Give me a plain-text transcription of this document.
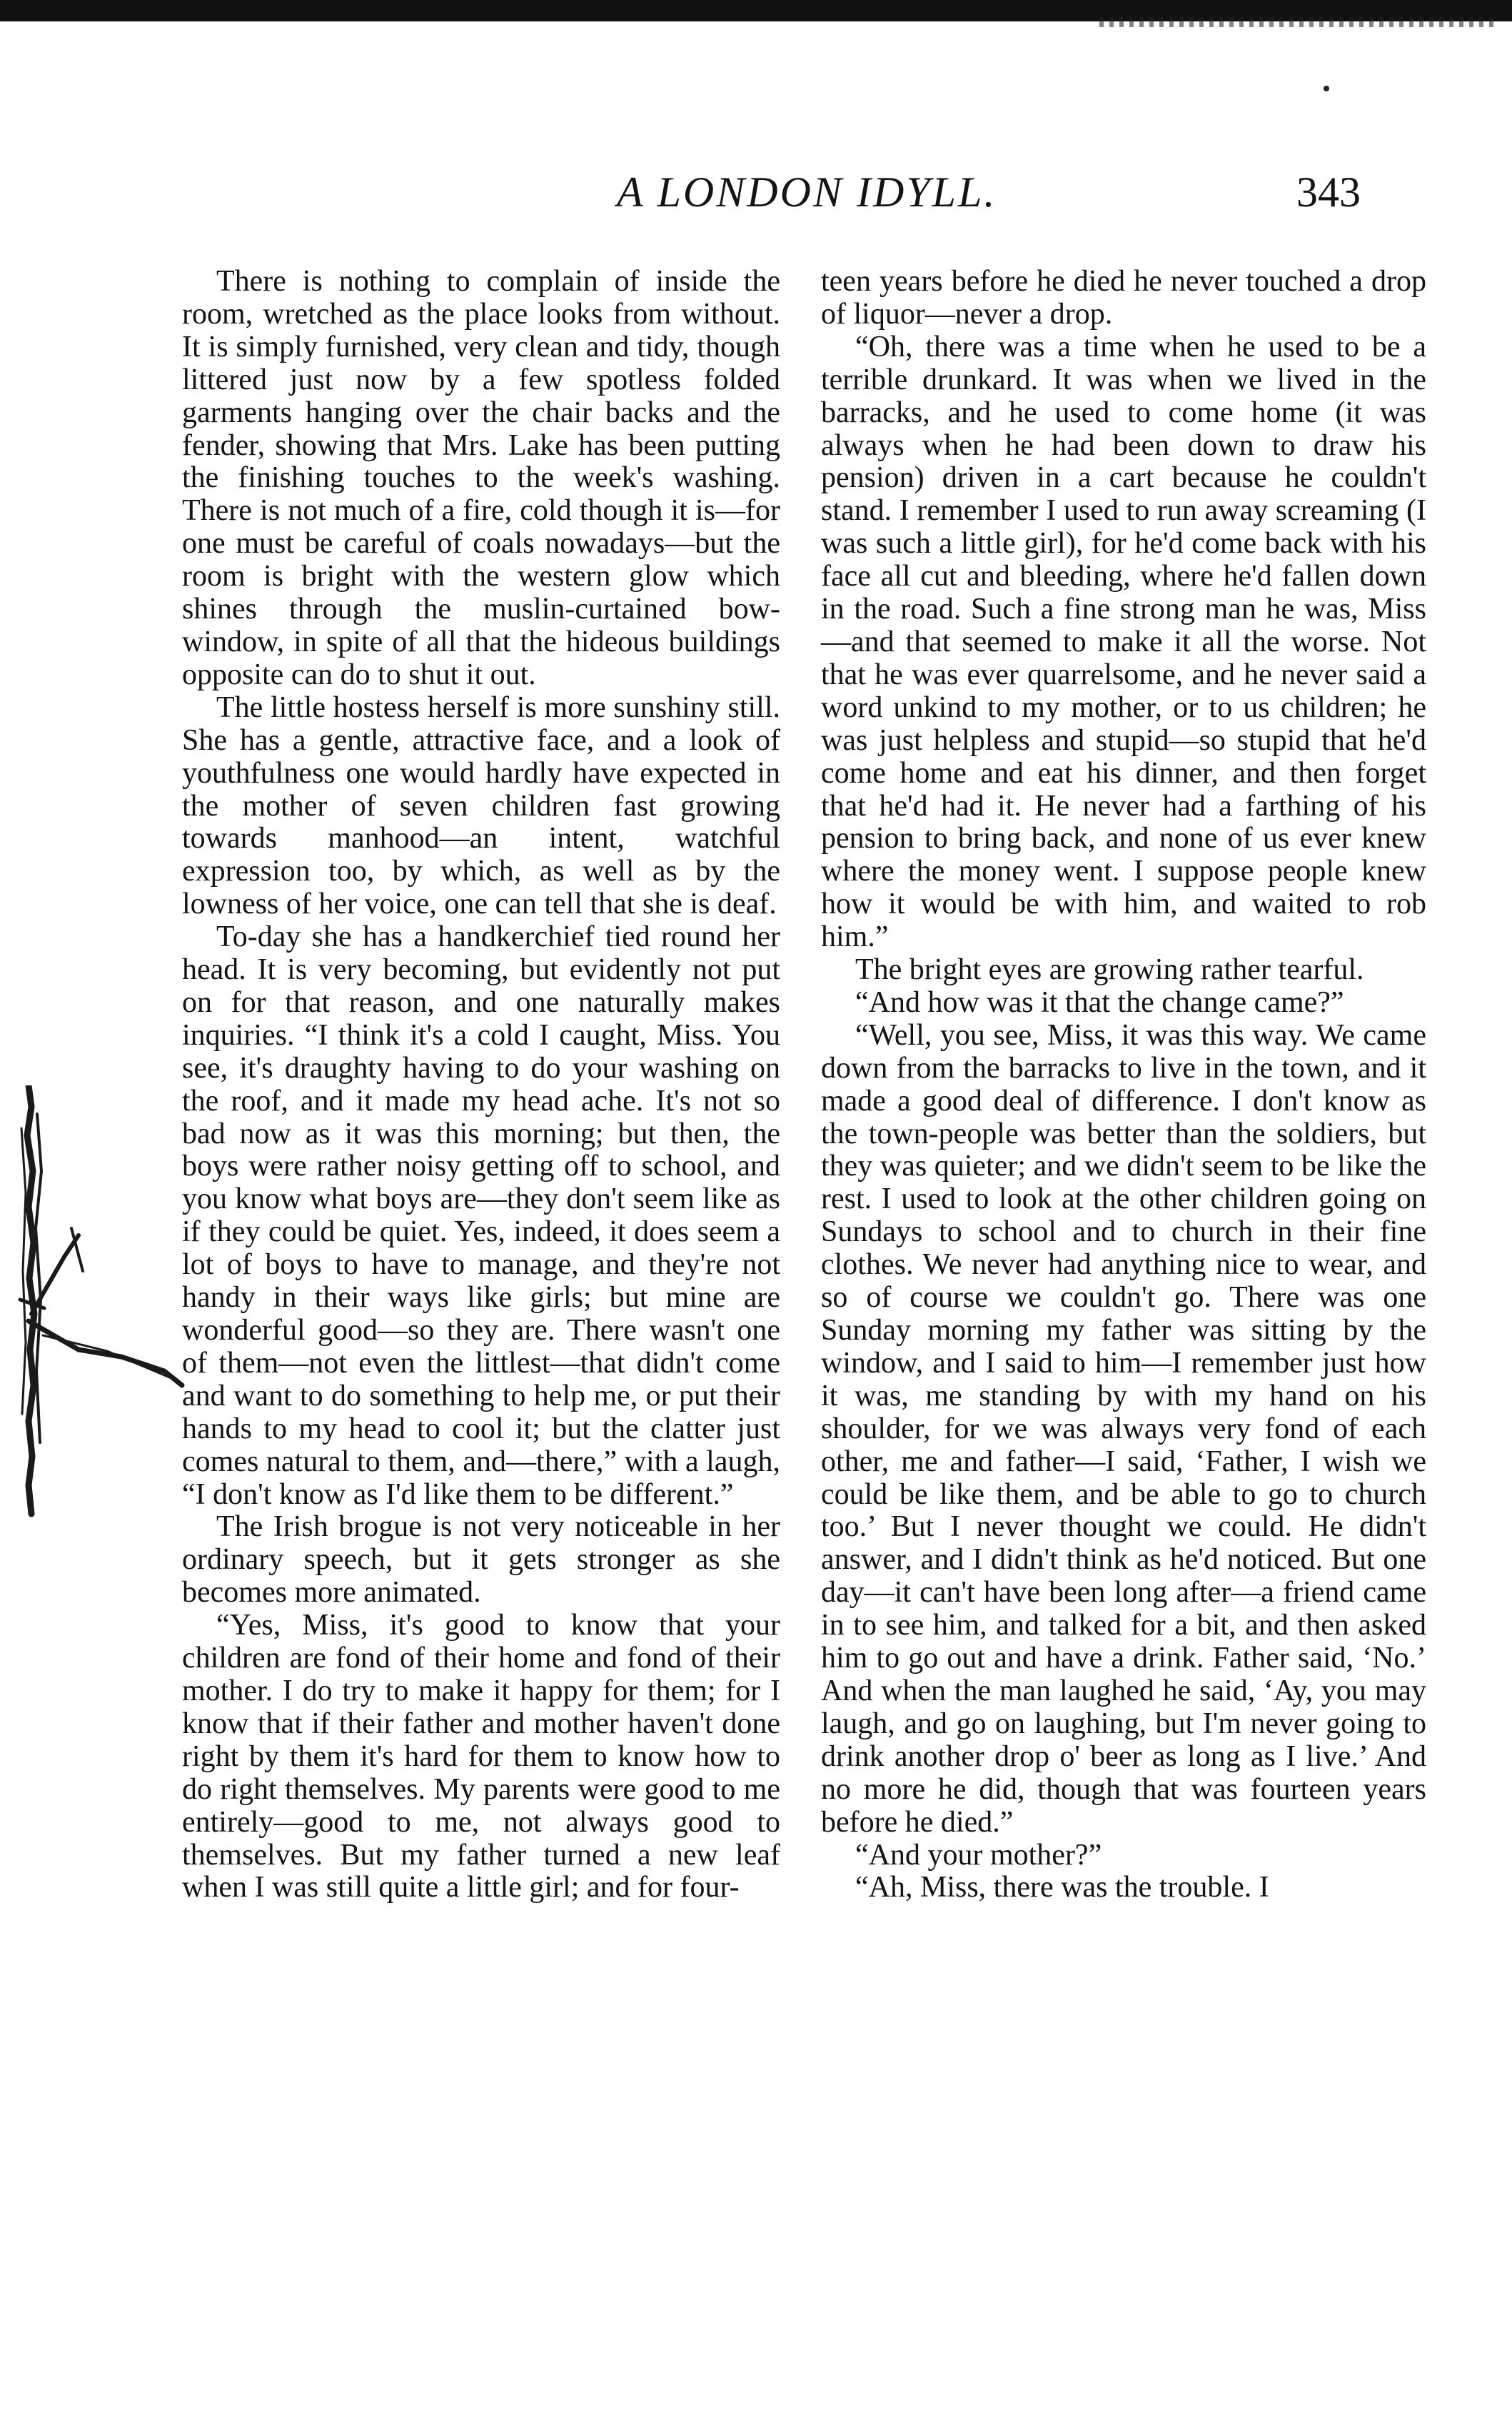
A LONDON IDYLL.	343

There is nothing to complain of inside the room, wretched as the place looks from without. It is simply furnished, very clean and tidy, though littered just now by a few spotless folded garments hanging over the chair backs and the fender, showing that Mrs. Lake has been putting the finishing touches to the week's washing. There is not much of a fire, cold though it is—for one must be careful of coals nowadays—but the room is bright with the western glow which shines through the muslin-curtained bow-window, in spite of all that the hideous buildings opposite can do to shut it out.

The little hostess herself is more sunshiny still. She has a gentle, attractive face, and a look of youthfulness one would hardly have expected in the mother of seven children fast growing towards manhood—an intent, watchful expression too, by which, as well as by the lowness of her voice, one can tell that she is deaf.

To-day she has a handkerchief tied round her head. It is very becoming, but evidently not put on for that reason, and one naturally makes inquiries. “I think it's a cold I caught, Miss. You see, it's draughty having to do your washing on the roof, and it made my head ache. It's not so bad now as it was this morning; but then, the boys were rather noisy getting off to school, and you know what boys are—they don't seem like as if they could be quiet. Yes, indeed, it does seem a lot of boys to have to manage, and they're not handy in their ways like girls; but mine are wonderful good—so they are. There wasn't one of them—not even the littlest—that didn't come and want to do something to help me, or put their hands to my head to cool it; but the clatter just comes natural to them, and—there,” with a laugh, “I don't know as I'd like them to be different.”

The Irish brogue is not very noticeable in her ordinary speech, but it gets stronger as she becomes more animated.

“Yes, Miss, it's good to know that your children are fond of their home and fond of their mother. I do try to make it happy for them; for I know that if their father and mother haven't done right by them it's hard for them to know how to do right themselves. My parents were good to me entirely—good to me, not always good to themselves. But my father turned a new leaf when I was still quite a little girl; and for four-

teen years before he died he never touched a drop of liquor—never a drop.

“Oh, there was a time when he used to be a terrible drunkard. It was when we lived in the barracks, and he used to come home (it was always when he had been down to draw his pension) driven in a cart because he couldn't stand. I remember I used to run away screaming (I was such a little girl), for he'd come back with his face all cut and bleeding, where he'd fallen down in the road. Such a fine strong man he was, Miss—and that seemed to make it all the worse. Not that he was ever quarrelsome, and he never said a word unkind to my mother, or to us children; he was just helpless and stupid—so stupid that he'd come home and eat his dinner, and then forget that he'd had it. He never had a farthing of his pension to bring back, and none of us ever knew where the money went. I suppose people knew how it would be with him, and waited to rob him.”

The bright eyes are growing rather tearful.

“And how was it that the change came?”

“Well, you see, Miss, it was this way. We came down from the barracks to live in the town, and it made a good deal of difference. I don't know as the town-people was better than the soldiers, but they was quieter; and we didn't seem to be like the rest. I used to look at the other children going on Sundays to school and to church in their fine clothes. We never had anything nice to wear, and so of course we couldn't go. There was one Sunday morning my father was sitting by the window, and I said to him—I remember just how it was, me standing by with my hand on his shoulder, for we was always very fond of each other, me and father—I said, ‘Father, I wish we could be like them, and be able to go to church too.’ But I never thought we could. He didn't answer, and I didn't think as he'd noticed. But one day—it can't have been long after—a friend came in to see him, and talked for a bit, and then asked him to go out and have a drink. Father said, ‘No.’ And when the man laughed he said, ‘Ay, you may laugh, and go on laughing, but I'm never going to drink another drop o' beer as long as I live.’ And no more he did, though that was fourteen years before he died.”

“And your mother?”

“Ah, Miss, there was the trouble. I
